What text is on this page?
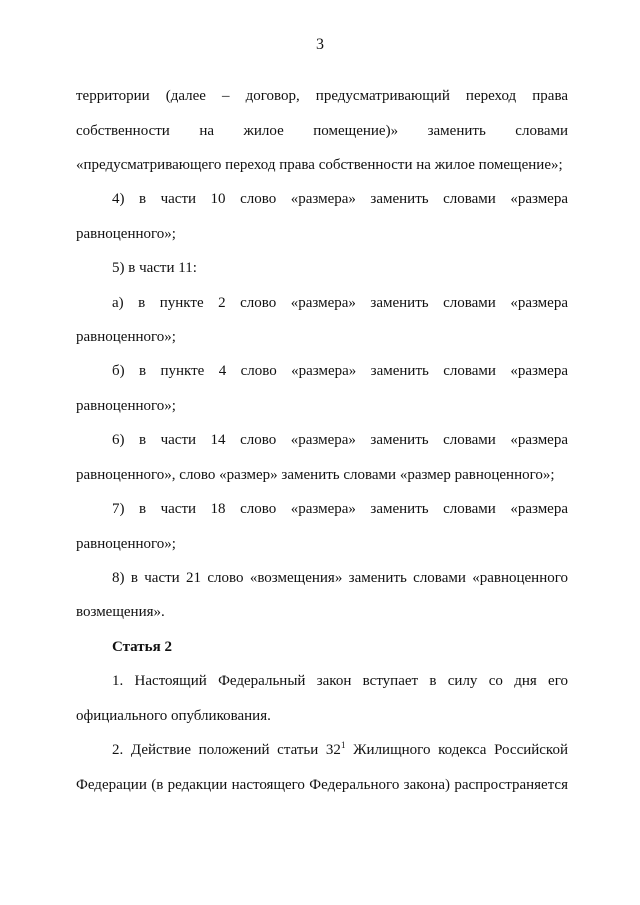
3
территории (далее – договор, предусматривающий переход права
собственности на жилое помещение)» заменить словами
«предусматривающего переход права собственности на жилое помещение»;
4) в части 10 слово «размера» заменить словами «размера
равноценного»;
5) в части 11:
а) в пункте 2 слово «размера» заменить словами «размера
равноценного»;
б) в пункте 4 слово «размера» заменить словами «размера
равноценного»;
6) в части 14 слово «размера» заменить словами «размера
равноценного», слово «размер» заменить словами «размер равноценного»;
7) в части 18 слово «размера» заменить словами «размера
равноценного»;
8) в части 21 слово «возмещения» заменить словами «равноценного
возмещения».
Статья 2
1. Настоящий Федеральный закон вступает в силу со дня его
официального опубликования.
2. Действие положений статьи $32^1$ Жилищного кодекса Российской
Федерации (в редакции настоящего Федерального закона) распространяется
